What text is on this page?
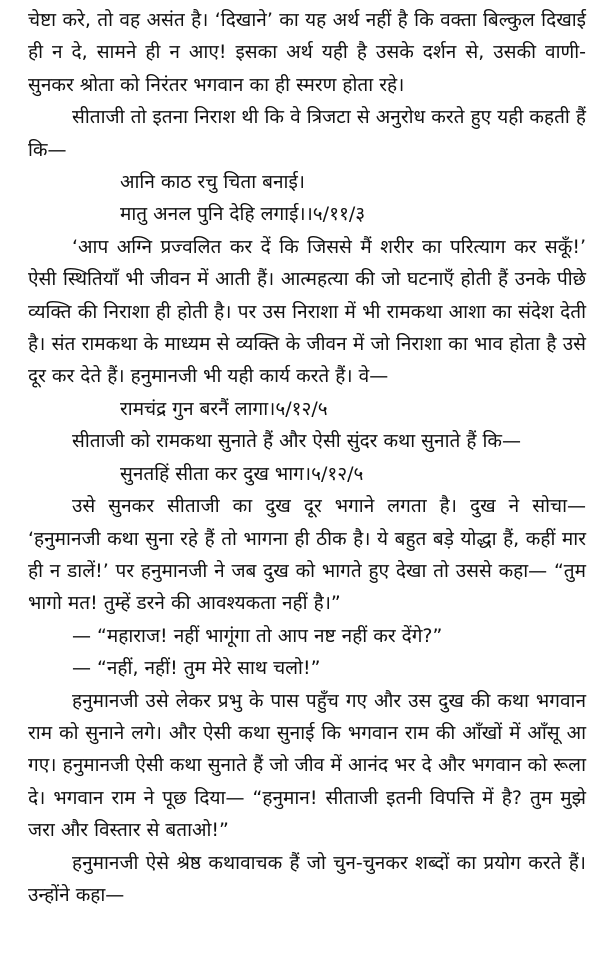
चेष्टा करे, तो वह असंत है। ‘दिखाने’ का यह अर्थ नहीं है कि वक्ता बिल्कुल दिखाई ही न दे, सामने ही न आए! इसका अर्थ यही है उसके दर्शन से, उसकी वाणी-सुनकर श्रोता को निरंतर भगवान का ही स्मरण होता रहे।

सीताजी तो इतना निराश थी कि वे त्रिजटा से अनुरोध करते हुए यही कहती हैं कि—

आनि काठ रचु चिता बनाई।

मातु अनल पुनि देहि लगाई।।५/११/३

‘आप अग्नि प्रज्वलित कर दें कि जिससे मैं शरीर का परित्याग कर सकूँ!’ ऐसी स्थितियाँ भी जीवन में आती हैं। आत्महत्या की जो घटनाएँ होती हैं उनके पीछे व्यक्ति की निराशा ही होती है। पर उस निराशा में भी रामकथा आशा का संदेश देती है। संत रामकथा के माध्यम से व्यक्ति के जीवन में जो निराशा का भाव होता है उसे दूर कर देते हैं। हनुमानजी भी यही कार्य करते हैं। वे—

रामचंद्र गुन बरनैं लागा।५/१२/५

सीताजी को रामकथा सुनाते हैं और ऐसी सुंदर कथा सुनाते हैं कि—

सुनतहिं सीता कर दुख भाग।५/१२/५

उसे सुनकर सीताजी का दुख दूर भगाने लगता है। दुख ने सोचा— ‘हनुमानजी कथा सुना रहे हैं तो भागना ही ठीक है। ये बहुत बड़े योद्धा हैं, कहीं मार ही न डालें!’ पर हनुमानजी ने जब दुख को भागते हुए देखा तो उससे कहा— “तुम भागो मत! तुम्हें डरने की आवश्यकता नहीं है।”

— “महाराज! नहीं भागूंगा तो आप नष्ट नहीं कर देंगे?”

— “नहीं, नहीं! तुम मेरे साथ चलो!”

हनुमानजी उसे लेकर प्रभु के पास पहुँच गए और उस दुख की कथा भगवान राम को सुनाने लगे। और ऐसी कथा सुनाई कि भगवान राम की आँखों में आँसू आ गए। हनुमानजी ऐसी कथा सुनाते हैं जो जीव में आनंद भर दे और भगवान को रूला दे। भगवान राम ने पूछ दिया— “हनुमान! सीताजी इतनी विपत्ति में है? तुम मुझे जरा और विस्तार से बताओ!”

हनुमानजी ऐसे श्रेष्ठ कथावाचक हैं जो चुन-चुनकर शब्दों का प्रयोग करते हैं। उन्होंने कहा—
